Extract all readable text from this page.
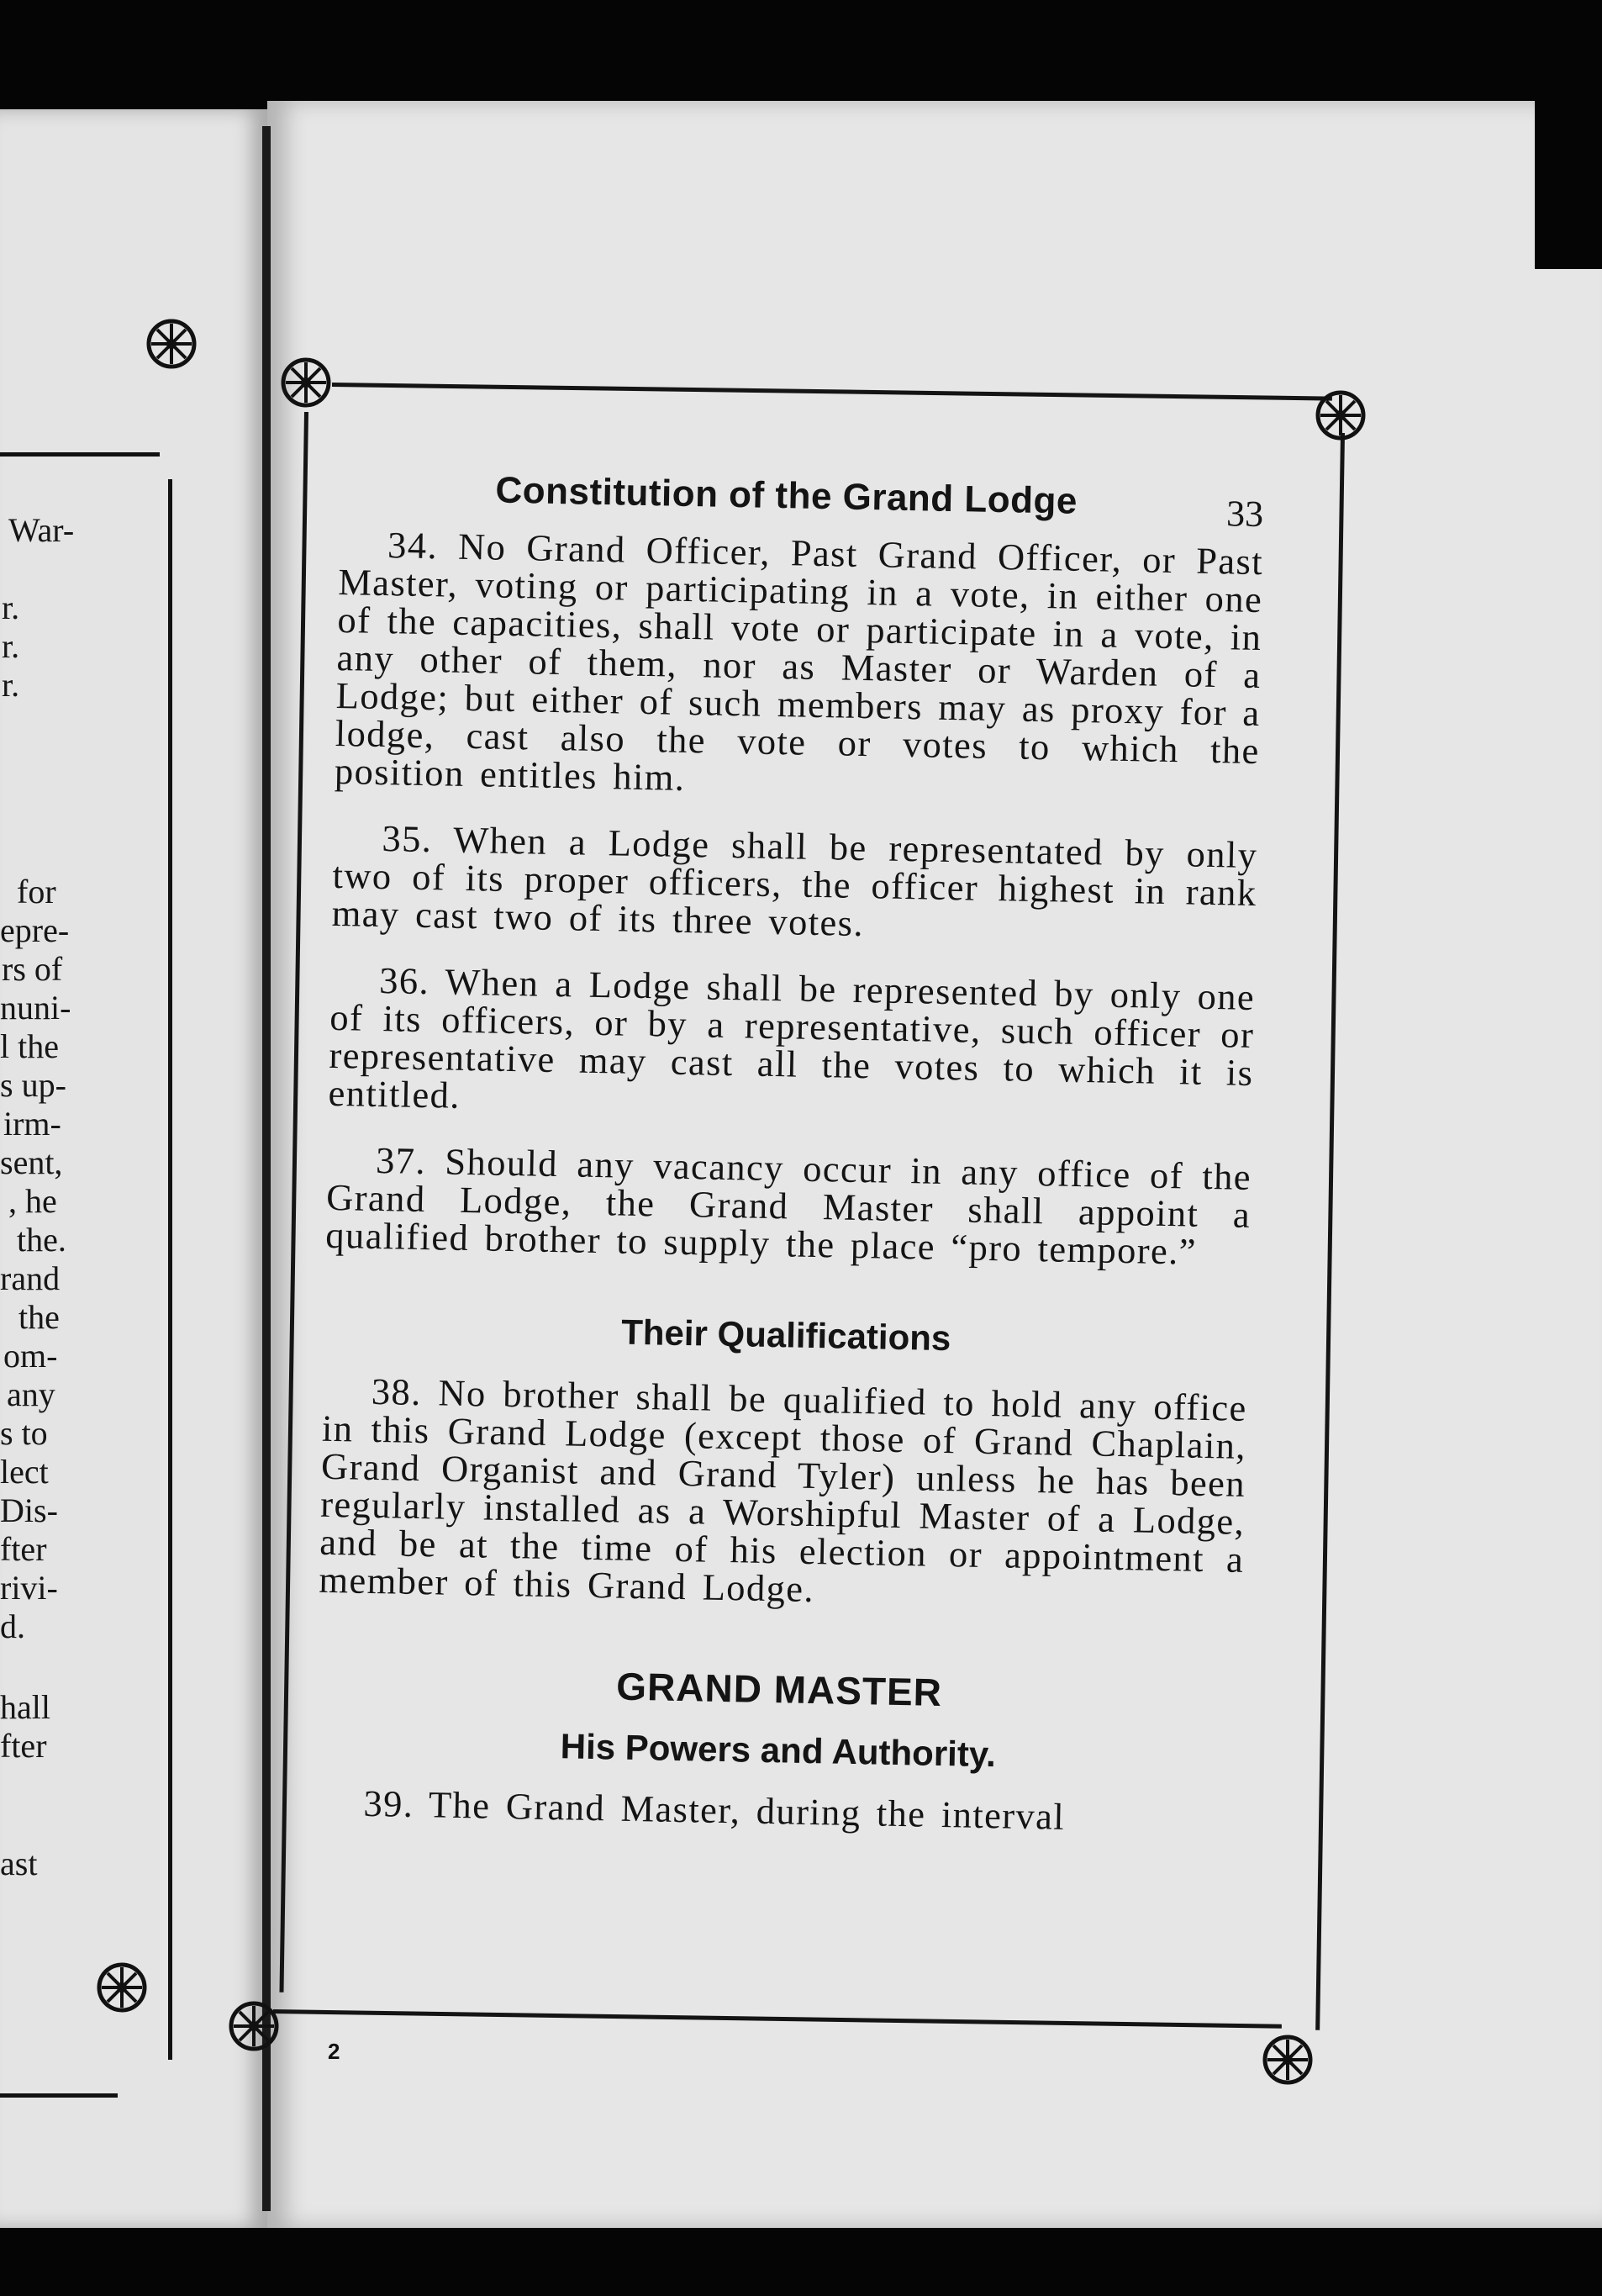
War-
r.
r.
r.
for
epre-
rs of
nuni-
l the
s up-
irm-
sent,
, he
the.
rand
the
om-
any
s to
lect
Dis-
fter
rivi-
d.
hall
fter
ast
Constitution of the Grand Lodge	33

34. No Grand Officer, Past Grand Officer, or Past Master, voting or participating in a vote, in either one of the capacities, shall vote or participate in a vote, in any other of them, nor as Master or Warden of a Lodge; but either of such members may as proxy for a lodge, cast also the vote or votes to which the position entitles him.

35. When a Lodge shall be representated by only two of its proper officers, the officer highest in rank may cast two of its three votes.

36. When a Lodge shall be represented by only one of its officers, or by a representative, such officer or representative may cast all the votes to which it is entitled.

37. Should any vacancy occur in any office of the Grand Lodge, the Grand Master shall appoint a qualified brother to supply the place “pro tempore.”

Their Qualifications

38. No brother shall be qualified to hold any office in this Grand Lodge (except those of Grand Chaplain, Grand Organist and Grand Tyler) unless he has been regularly installed as a Worshipful Master of a Lodge, and be at the time of his election or appointment a member of this Grand Lodge.

GRAND MASTER
His Powers and Authority.

39. The Grand Master, during the interval

2
